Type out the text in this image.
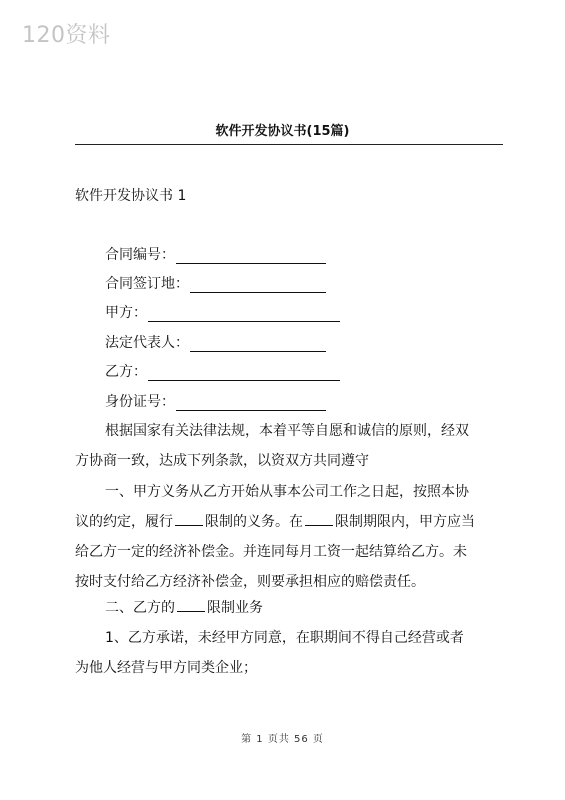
120资料
软件开发协议书(15篇)
软件开发协议书 1
合同编号：
合同签订地：
甲方：
法定代表人：
乙方：
身份证号：
根据国家有关法律法规，本着平等自愿和诚信的原则，经双
方协商一致，达成下列条款，以资双方共同遵守
一、甲方义务从乙方开始从事本公司工作之日起，按照本协
议的约定，履行 限制的义务。在 限制期限内，甲方应当
给乙方一定的经济补偿金。并连同每月工资一起结算给乙方。未
按时支付给乙方经济补偿金，则要承担相应的赔偿责任。
二、乙方的 限制业务
1、乙方承诺，未经甲方同意，在职期间不得自己经营或者
为他人经营与甲方同类企业；
第 1 页共 56 页
